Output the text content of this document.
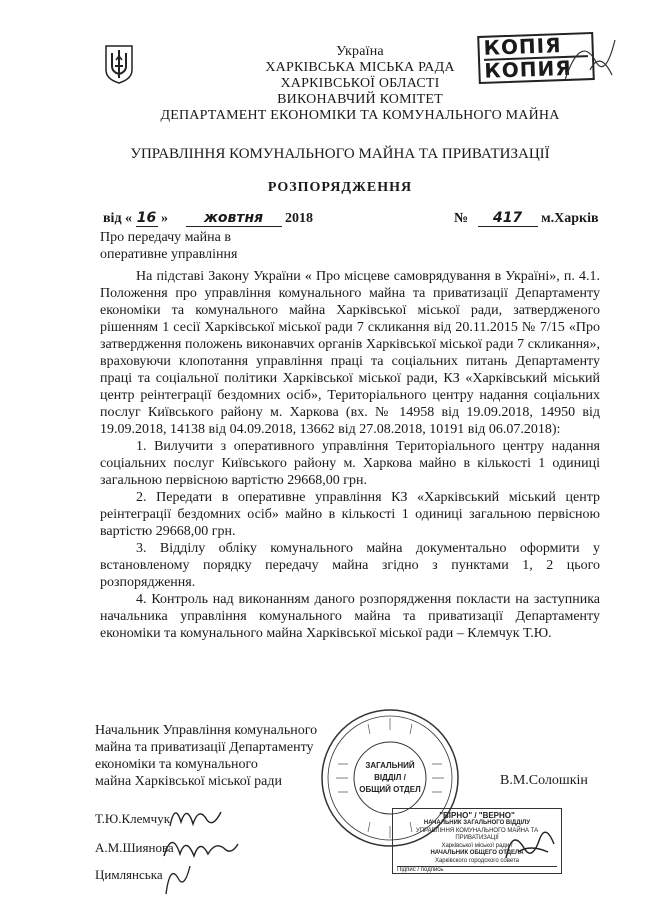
Україна
ХАРКІВСЬКА МІСЬКА РАДА
ХАРКІВСЬКОЇ ОБЛАСТІ
ВИКОНАВЧИЙ КОМІТЕТ
ДЕПАРТАМЕНТ ЕКОНОМІКИ ТА КОМУНАЛЬНОГО МАЙНА
КОПІЯ
КОПИЯ
УПРАВЛІННЯ КОМУНАЛЬНОГО МАЙНА ТА ПРИВАТИЗАЦІЇ
РОЗПОРЯДЖЕННЯ
від « 16 »	жовтня 2018	№ 417 м.Харків
Про передачу майна в
оперативне управління

На підставі Закону України « Про місцеве самоврядування в Україні», п. 4.1. Положення про управління комунального майна та приватизації Департаменту економіки та комунального майна Харківської міської ради, затвердженого рішенням 1 сесії Харківської міської ради 7 скликання від 20.11.2015 № 7/15 «Про затвердження положень виконавчих органів Харківської міської ради 7 скликання», враховуючи клопотання управління праці та соціальних питань Департаменту праці та соціальної політики Харківської міської ради, КЗ «Харківський міський центр реінтеграції бездомних осіб», Територіального центру надання соціальних послуг Київського району м. Харкова (вх. № 14958 від 19.09.2018, 14950 від 19.09.2018, 14138 від 04.09.2018, 13662 від 27.08.2018, 10191 від 06.07.2018):

1. Вилучити з оперативного управління Територіального центру надання соціальних послуг Київського району м. Харкова майно в кількості 1 одиниці загальною первісною вартістю 29668,00 грн.

2. Передати в оперативне управління КЗ «Харківський міський центр реінтеграції бездомних осіб» майно в кількості 1 одиниці загальною первісною вартістю 29668,00 грн.

3. Відділу обліку комунального майна документально оформити у встановленому порядку передачу майна згідно з пунктами 1, 2 цього розпорядження.

4. Контроль над виконанням даного розпорядження покласти на заступника начальника управління комунального майна та приватизації Департаменту економіки та комунального майна Харківської міської ради – Клемчук Т.Ю.

Начальник Управління комунального
майна та приватизації Департаменту
економіки та комунального
майна Харківської міської ради	В.М.Солошкін
Т.Ю.Клемчук
А.М.Шиянова
Цимлянська
ЗАГАЛЬНИЙ
ВІДДІЛ /
ОБЩИЙ ОТДЕЛ
"ВІРНО" / "ВЕРНО"
НАЧАЛЬНИК ЗАГАЛЬНОГО ВІДДІЛУ
УПРАВЛІННЯ КОМУНАЛЬНОГО МАЙНА ТА ПРИВАТИЗАЦІЇ
Харківської міської ради /
НАЧАЛЬНИК ОБЩЕГО ОТДЕЛА
Харківского городского совета
Підпис / подпись
